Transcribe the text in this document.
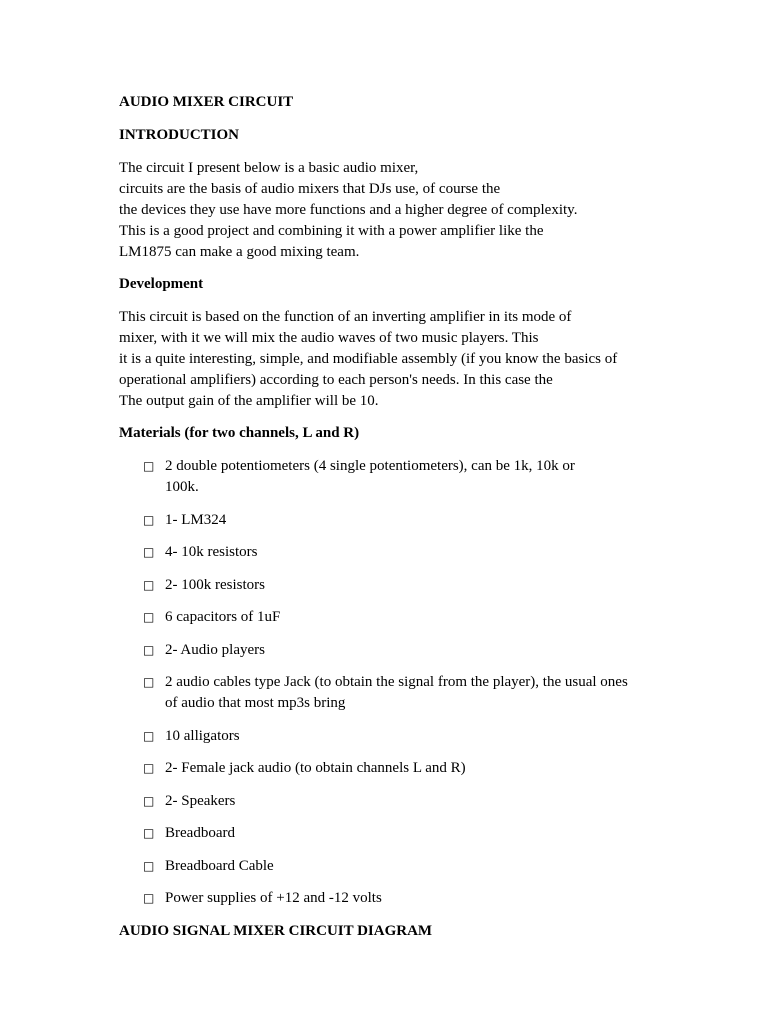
AUDIO MIXER CIRCUIT
INTRODUCTION
The circuit I present below is a basic audio mixer,
circuits are the basis of audio mixers that DJs use, of course the
the devices they use have more functions and a higher degree of complexity.
This is a good project and combining it with a power amplifier like the
LM1875 can make a good mixing team.
Development
This circuit is based on the function of an inverting amplifier in its mode of
mixer, with it we will mix the audio waves of two music players. This
it is a quite interesting, simple, and modifiable assembly (if you know the basics of
operational amplifiers) according to each person's needs. In this case the
The output gain of the amplifier will be 10.
Materials (for two channels, L and R)
□ 2 double potentiometers (4 single potentiometers), can be 1k, 10k or
100k.
□ 1- LM324
□ 4- 10k resistors
□ 2- 100k resistors
□ 6 capacitors of 1uF
□ 2- Audio players
□ 2 audio cables type Jack (to obtain the signal from the player), the usual ones
of audio that most mp3s bring
□ 10 alligators
□ 2- Female jack audio (to obtain channels L and R)
□ 2- Speakers
□ Breadboard
□ Breadboard Cable
□ Power supplies of +12 and -12 volts
AUDIO SIGNAL MIXER CIRCUIT DIAGRAM
